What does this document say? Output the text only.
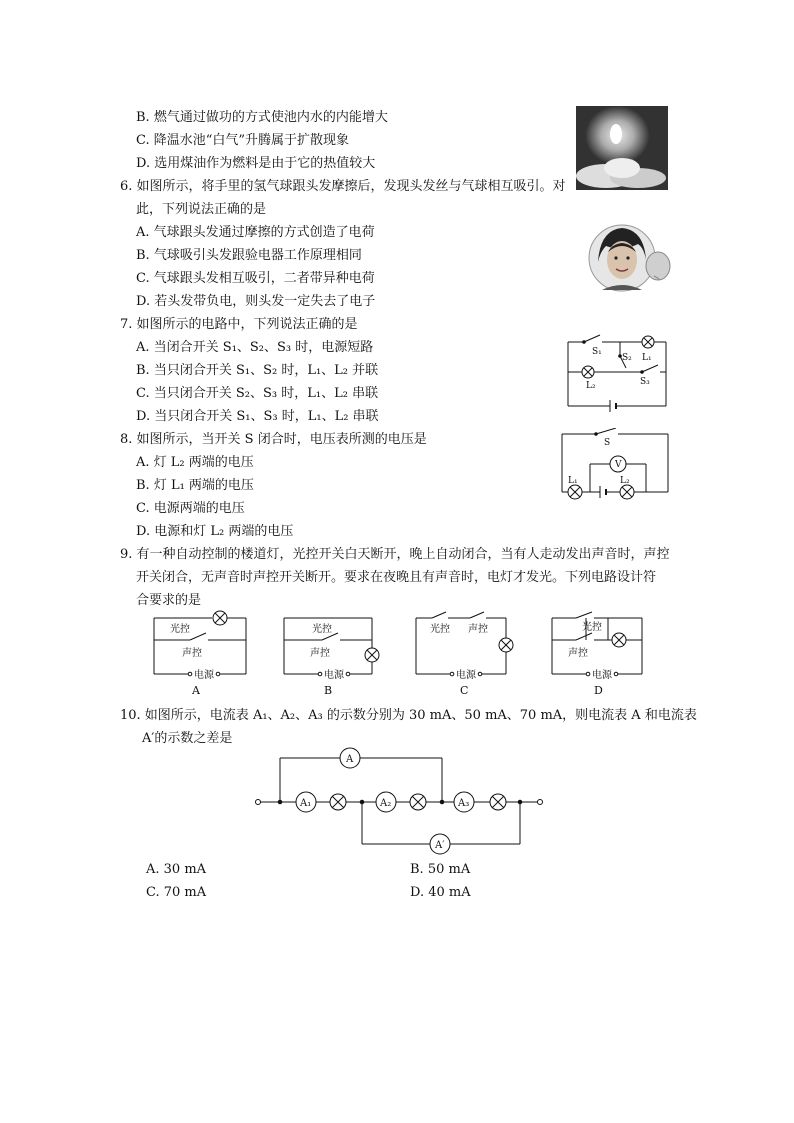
B. 燃气通过做功的方式使池内水的内能增大
C. 降温水池“白气”升腾属于扩散现象
D. 选用煤油作为燃料是由于它的热值较大
6. 如图所示，将手里的氢气球跟头发摩擦后，发现头发丝与气球相互吸引。对
此，下列说法正确的是
A. 气球跟头发通过摩擦的方式创造了电荷
B. 气球吸引头发跟验电器工作原理相同
C. 气球跟头发相互吸引，二者带异种电荷
D. 若头发带负电，则头发一定失去了电子
7. 如图所示的电路中，下列说法正确的是
A. 当闭合开关 S₁、S₂、S₃ 时，电源短路
B. 当只闭合开关 S₁、S₂ 时，L₁、L₂ 并联
C. 当只闭合开关 S₂、S₃ 时，L₁、L₂ 串联
D. 当只闭合开关 S₁、S₃ 时，L₁、L₂ 串联
S₁
S₂ L₁
L₂	S₃
8. 如图所示，当开关 S 闭合时，电压表所测的电压是
A. 灯 L₂ 两端的电压
B. 灯 L₁ 两端的电压
C. 电源两端的电压
D. 电源和灯 L₂ 两端的电压
S
V
L₁	L₂
9. 有一种自动控制的楼道灯，光控开关白天断开，晚上自动闭合，当有人走动发出声音时，声控
开关闭合，无声音时声控开关断开。要求在夜晚且有声音时，电灯才发光。下列电路设计符
合要求的是
光控
声控
电源
A
光控
声控
电源
B
光控 声控
电源
C
光控
声控
电源
D
10. 如图所示，电流表 A₁、A₂、A₃ 的示数分别为 30 mA、50 mA、70 mA，则电流表 A 和电流表
A′的示数之差是
A
A₁	A₂	A₃
A′
A. 30 mA	B. 50 mA
C. 70 mA	D. 40 mA
